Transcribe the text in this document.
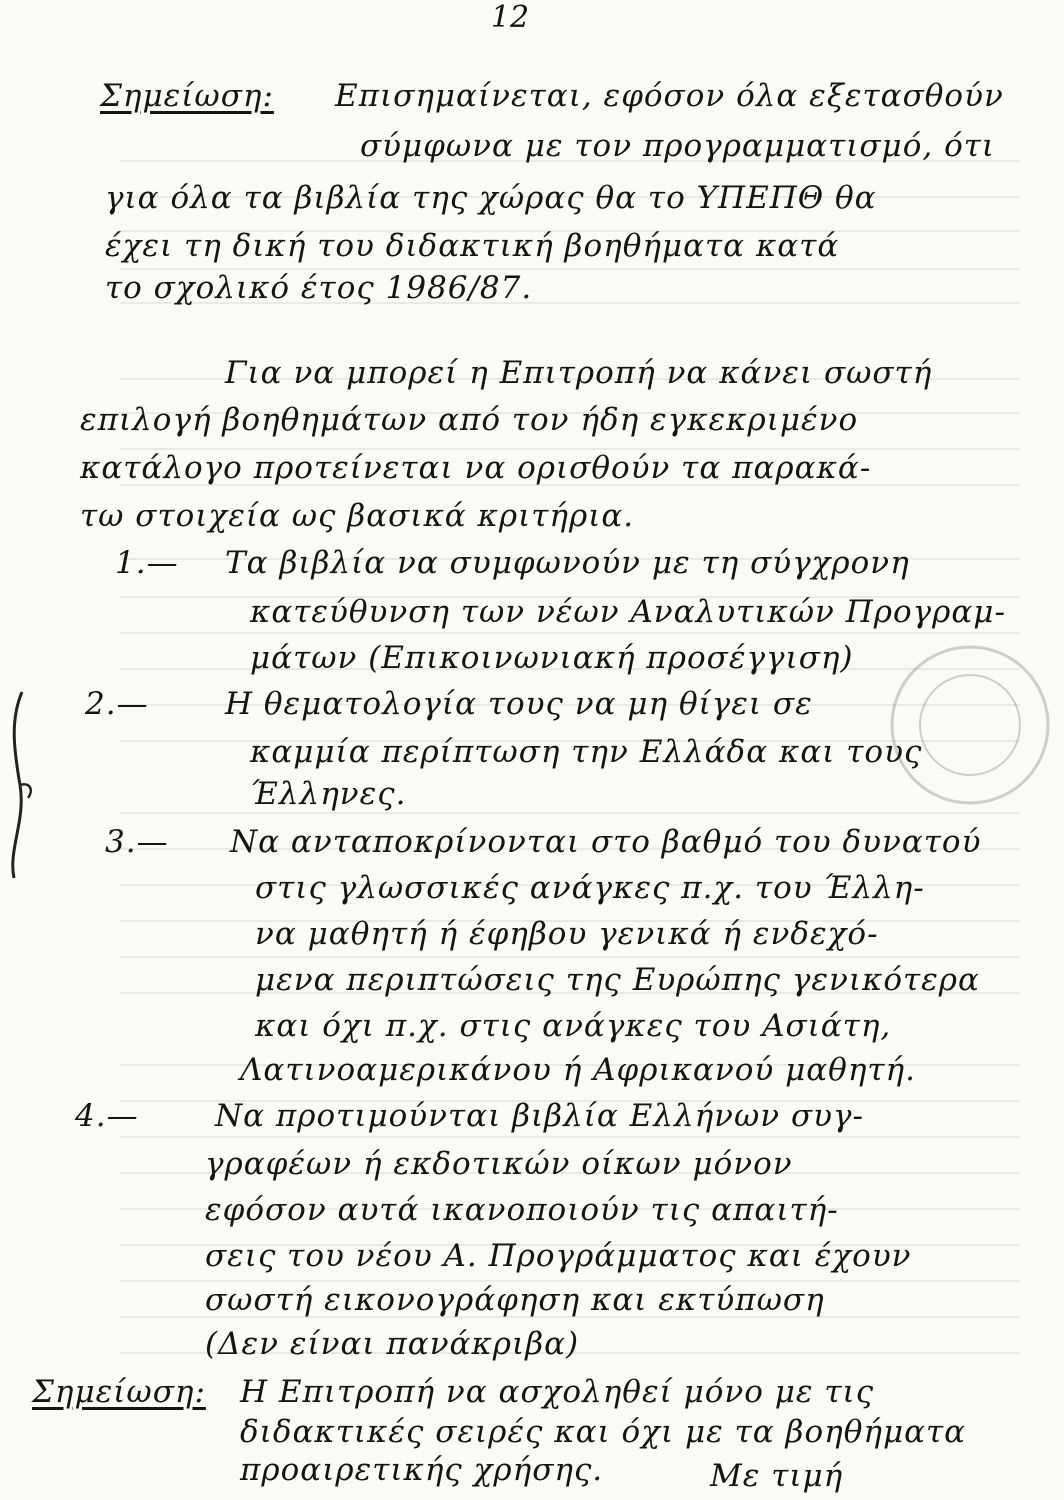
12
Σημείωση: Επισημαίνεται, εφόσον όλα εξετασθούν
σύμφωνα με τον προγραμματισμό, ότι
για όλα τα βιβλία της χώρας θα το ΥΠΕΠΘ θα
έχει τη δική του διδακτική βοηθήματα κατά
το σχολικό έτος 1986/87.
Για να μπορεί η Επιτροπή να κάνει σωστή
επιλογή βοηθημάτων από τον ήδη εγκεκριμένο
κατάλογο προτείνεται να ορισθούν τα παρακά-
τω στοιχεία ως βασικά κριτήρια.
1.— Τα βιβλία να συμφωνούν με τη σύγχρονη
κατεύθυνση των νέων Αναλυτικών Προγραμ-
μάτων (Επικοινωνιακή προσέγγιση)
2.— Η θεματολογία τους να μη θίγει σε
καμμία περίπτωση την Ελλάδα και τους
Έλληνες.
3.— Να ανταποκρίνονται στο βαθμό του δυνατού
στις γλωσσικές ανάγκες π.χ. του Έλλη-
να μαθητή ή έφηβου γενικά ή ενδεχό-
μενα περιπτώσεις της Ευρώπης γενικότερα
και όχι π.χ. στις ανάγκες του Ασιάτη,
Λατινοαμερικάνου ή Αφρικανού μαθητή.
4.— Να προτιμούνται βιβλία Ελλήνων συγ-
γραφέων ή εκδοτικών οίκων μόνον
εφόσον αυτά ικανοποιούν τις απαιτή-
σεις του νέου Α. Προγράμματος και έχουν
σωστή εικονογράφηση και εκτύπωση
(Δεν είναι πανάκριβα)
Σημείωση: Η Επιτροπή να ασχοληθεί μόνο με τις
διδακτικές σειρές και όχι με τα βοηθήματα
προαιρετικής χρήσης.	Με τιμή
